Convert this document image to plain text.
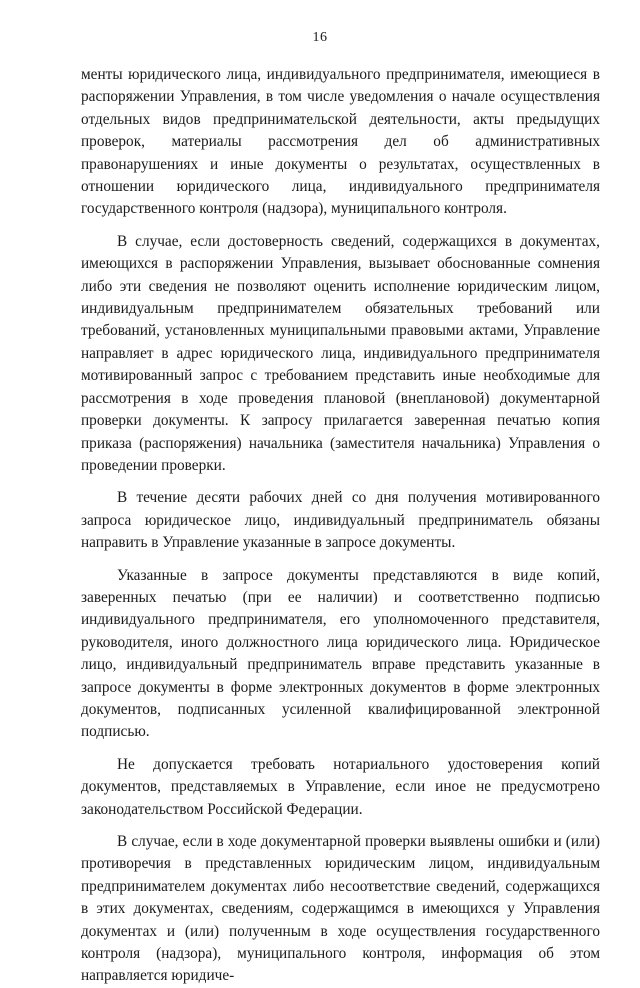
16

менты юридического лица, индивидуального предпринимателя, имеющиеся в распоряжении Управления, в том числе уведомления о начале осуществления отдельных видов предпринимательской деятельности, акты предыдущих проверок, материалы рассмотрения дел об административных правонарушениях и иные документы о результатах, осуществленных в отношении юридического лица, индивидуального предпринимателя государственного контроля (надзора), муниципального контроля.

В случае, если достоверность сведений, содержащихся в документах, имеющихся в распоряжении Управления, вызывает обоснованные сомнения либо эти сведения не позволяют оценить исполнение юридическим лицом, индивидуальным предпринимателем обязательных требований или требований, установленных муниципальными правовыми актами, Управление направляет в адрес юридического лица, индивидуального предпринимателя мотивированный запрос с требованием представить иные необходимые для рассмотрения в ходе проведения плановой (внеплановой) документарной проверки документы. К запросу прилагается заверенная печатью копия приказа (распоряжения) начальника (заместителя начальника) Управления о проведении проверки.

В течение десяти рабочих дней со дня получения мотивированного запроса юридическое лицо, индивидуальный предприниматель обязаны направить в Управление указанные в запросе документы.

Указанные в запросе документы представляются в виде копий, заверенных печатью (при ее наличии) и соответственно подписью индивидуального предпринимателя, его уполномоченного представителя, руководителя, иного должностного лица юридического лица. Юридическое лицо, индивидуальный предприниматель вправе представить указанные в запросе документы в форме электронных документов в форме электронных документов, подписанных усиленной квалифицированной электронной подписью.

Не допускается требовать нотариального удостоверения копий документов, представляемых в Управление, если иное не предусмотрено законодательством Российской Федерации.

В случае, если в ходе документарной проверки выявлены ошибки и (или) противоречия в представленных юридическим лицом, индивидуальным предпринимателем документах либо несоответствие сведений, содержащихся в этих документах, сведениям, содержащимся в имеющихся у Управления документах и (или) полученным в ходе осуществления государственного контроля (надзора), муниципального контроля, информация об этом направляется юридиче-
